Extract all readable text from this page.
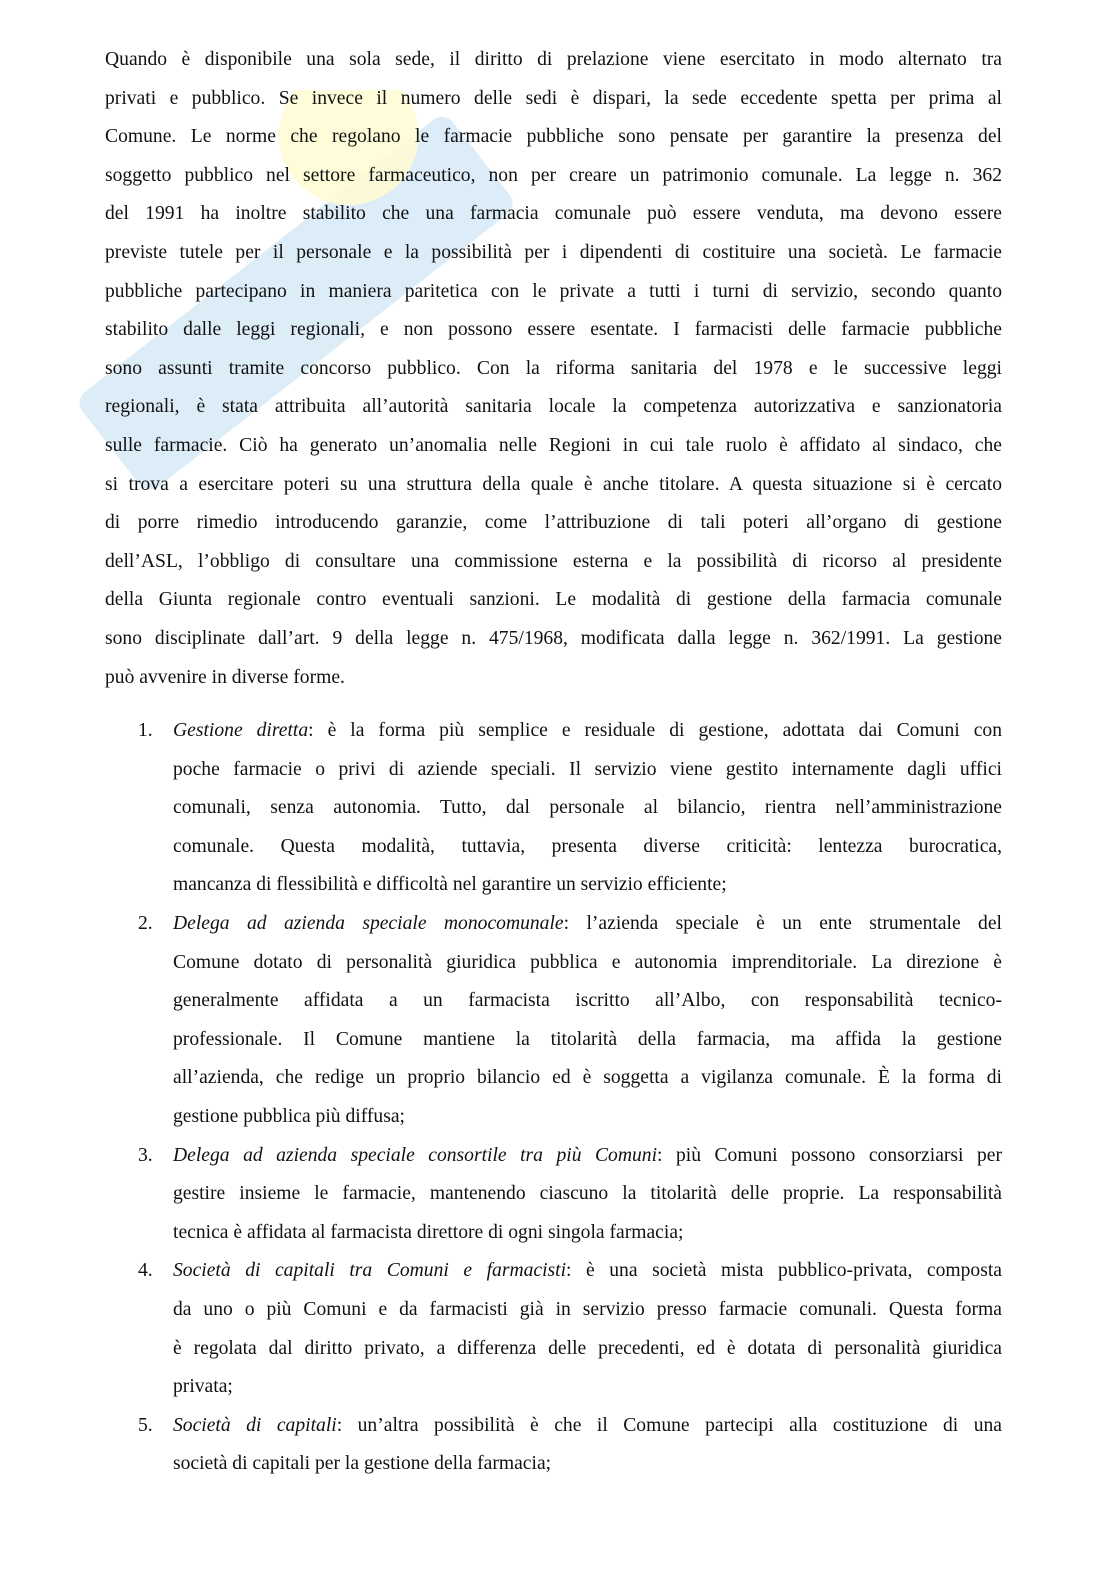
Quando è disponibile una sola sede, il diritto di prelazione viene esercitato in modo alternato tra
privati e pubblico. Se invece il numero delle sedi è dispari, la sede eccedente spetta per prima al
Comune. Le norme che regolano le farmacie pubbliche sono pensate per garantire la presenza del
soggetto pubblico nel settore farmaceutico, non per creare un patrimonio comunale. La legge n. 362
del 1991 ha inoltre stabilito che una farmacia comunale può essere venduta, ma devono essere
previste tutele per il personale e la possibilità per i dipendenti di costituire una società. Le farmacie
pubbliche partecipano in maniera paritetica con le private a tutti i turni di servizio, secondo quanto
stabilito dalle leggi regionali, e non possono essere esentate. I farmacisti delle farmacie pubbliche
sono assunti tramite concorso pubblico. Con la riforma sanitaria del 1978 e le successive leggi
regionali, è stata attribuita all’autorità sanitaria locale la competenza autorizzativa e sanzionatoria
sulle farmacie. Ciò ha generato un’anomalia nelle Regioni in cui tale ruolo è affidato al sindaco, che
si trova a esercitare poteri su una struttura della quale è anche titolare. A questa situazione si è cercato
di porre rimedio introducendo garanzie, come l’attribuzione di tali poteri all’organo di gestione
dell’ASL, l’obbligo di consultare una commissione esterna e la possibilità di ricorso al presidente
della Giunta regionale contro eventuali sanzioni. Le modalità di gestione della farmacia comunale
sono disciplinate dall’art. 9 della legge n. 475/1968, modificata dalla legge n. 362/1991. La gestione
può avvenire in diverse forme.
1. Gestione diretta: è la forma più semplice e residuale di gestione, adottata dai Comuni con
poche farmacie o privi di aziende speciali. Il servizio viene gestito internamente dagli uffici
comunali, senza autonomia. Tutto, dal personale al bilancio, rientra nell’amministrazione
comunale. Questa modalità, tuttavia, presenta diverse criticità: lentezza burocratica,
mancanza di flessibilità e difficoltà nel garantire un servizio efficiente;
2. Delega ad azienda speciale monocomunale: l’azienda speciale è un ente strumentale del
Comune dotato di personalità giuridica pubblica e autonomia imprenditoriale. La direzione è
generalmente affidata a un farmacista iscritto all’Albo, con responsabilità tecnico-
professionale. Il Comune mantiene la titolarità della farmacia, ma affida la gestione
all’azienda, che redige un proprio bilancio ed è soggetta a vigilanza comunale. È la forma di
gestione pubblica più diffusa;
3. Delega ad azienda speciale consortile tra più Comuni: più Comuni possono consorziarsi per
gestire insieme le farmacie, mantenendo ciascuno la titolarità delle proprie. La responsabilità
tecnica è affidata al farmacista direttore di ogni singola farmacia;
4. Società di capitali tra Comuni e farmacisti: è una società mista pubblico-privata, composta
da uno o più Comuni e da farmacisti già in servizio presso farmacie comunali. Questa forma
è regolata dal diritto privato, a differenza delle precedenti, ed è dotata di personalità giuridica
privata;
5. Società di capitali: un’altra possibilità è che il Comune partecipi alla costituzione di una
società di capitali per la gestione della farmacia;
